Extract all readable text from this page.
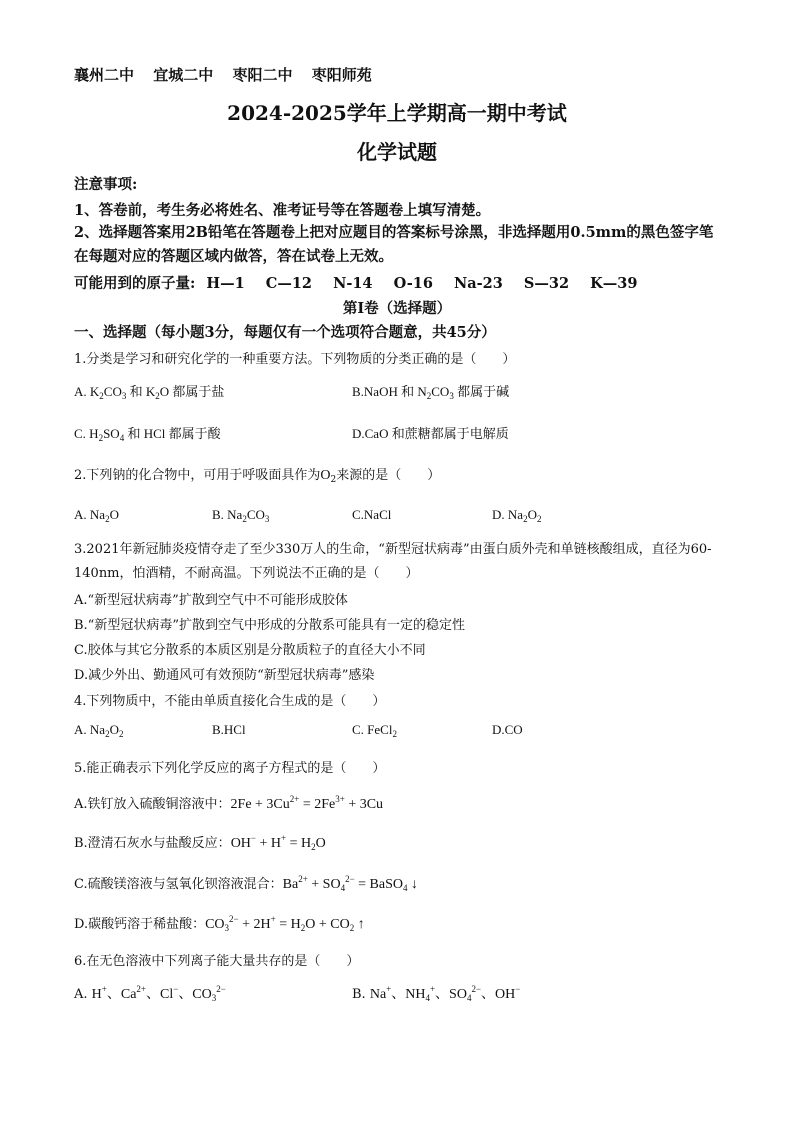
襄州二中 宜城二中 枣阳二中 枣阳师苑
2024-2025学年上学期高一期中考试
化学试题
注意事项:
1、答卷前，考生务必将姓名、准考证号等在答题卷上填写清楚。
2、选择题答案用2B铅笔在答题卷上把对应题目的答案标号涂黑，非选择题用0.5mm的黑色签字笔在每题对应的答题区域内做答，答在试卷上无效。
可能用到的原子量: H—1 C—12 N-14 O-16 Na-23 S—32 K—39
第Ⅰ卷（选择题）
一、选择题（每小题3分，每题仅有一个选项符合题意，共45分）
1.分类是学习和研究化学的一种重要方法。下列物质的分类正确的是（　　）
A. $K_2CO_3$ 和 $K_2O$ 都属于盐	B.NaOH 和 $N_2CO_3$ 都属于碱
C. $H_2SO_4$ 和 HCl 都属于酸	D.CaO 和蔗糖都属于电解质
2.下列钠的化合物中，可用于呼吸面具作为$O_2$来源的是（　　）
A. $Na_2O$	B. $Na_2CO_3$	C.NaCl	D. $Na_2O_2$
3.2021年新冠肺炎疫情夺走了至少330万人的生命，“新型冠状病毒”由蛋白质外壳和单链核酸组成，直径为60-140nm，怕酒精，不耐高温。下列说法不正确的是（　　）
A.“新型冠状病毒”扩散到空气中不可能形成胶体
B.“新型冠状病毒”扩散到空气中形成的分散系可能具有一定的稳定性
C.胶体与其它分散系的本质区别是分散质粒子的直径大小不同
D.减少外出、勤通风可有效预防“新型冠状病毒”感染
4.下列物质中，不能由单质直接化合生成的是（　　）
A. $Na_2O_2$	B.HCl	C. FeCl$_2$	D.CO
5.能正确表示下列化学反应的离子方程式的是（　　）
A.铁钉放入硫酸铜溶液中：$2Fe + 3Cu^{2+} = 2Fe^{3+} + 3Cu$
B.澄清石灰水与盐酸反应：$OH^- + H^+ = H_2O$
C.硫酸镁溶液与氢氧化钡溶液混合：$Ba^{2+} + SO_4^{2-}$ = BaSO$_4$ ↓
D.碳酸钙溶于稀盐酸：$CO_3^{2-} + 2H^+ = H_2O + CO_2$ ↑
6.在无色溶液中下列离子能大量共存的是（　　）
A. H+、$Ca^{2+}$、Cl−、$CO_3^{2-}$	B. Na+、$NH_4^+$、$SO_4^{2-}$、OH−
